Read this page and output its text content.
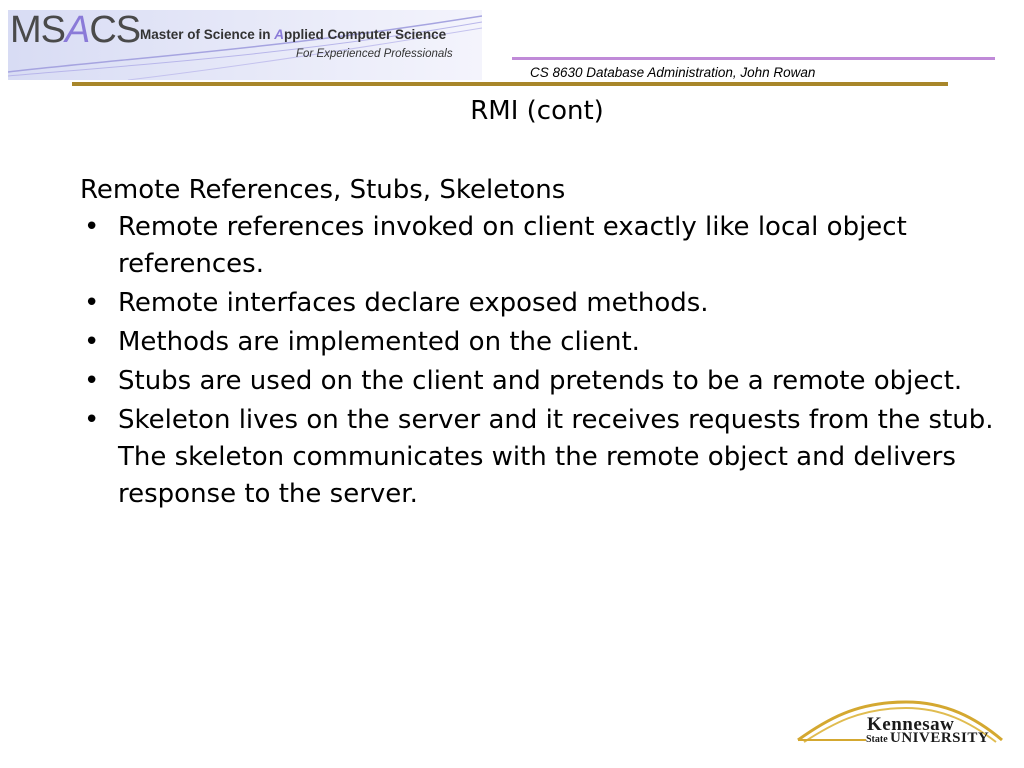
MSACS Master of Science in Applied Computer Science
For Experienced Professionals
CS 8630 Database Administration, John Rowan
RMI (cont)

Remote References, Stubs, Skeletons

• Remote references invoked on client exactly like local object references.
• Remote interfaces declare exposed methods.
• Methods are implemented on the client.
• Stubs are used on the client and pretends to be a remote object.
• Skeleton lives on the server and it receives requests from the stub. The skeleton communicates with the remote object and delivers response to the server.
Kennesaw
State UNIVERSITY
